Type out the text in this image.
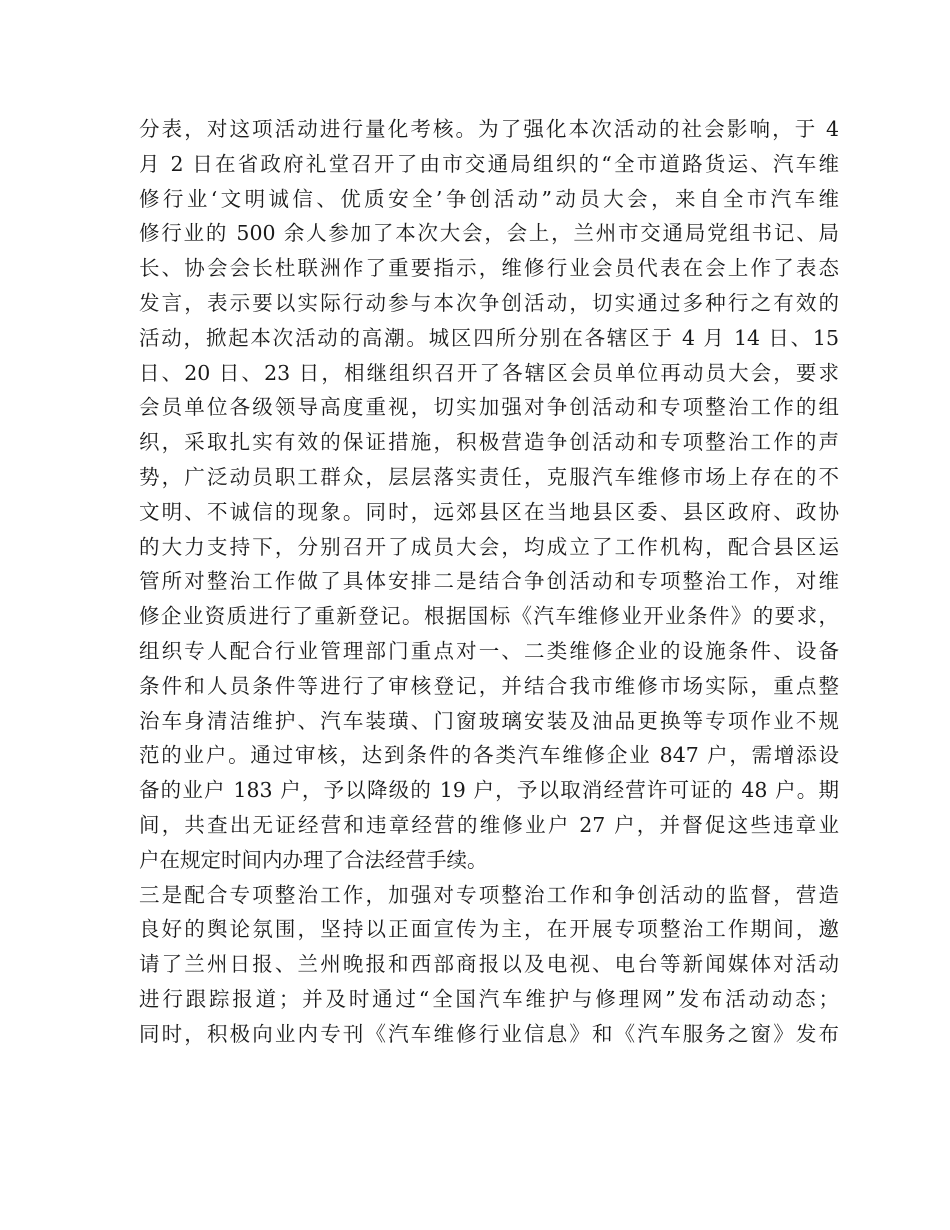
分表，对这项活动进行量化考核。为了强化本次活动的社会影响，于 4
月 2 日在省政府礼堂召开了由市交通局组织的“全市道路货运、汽车维
修行业‘文明诚信、优质安全’争创活动”动员大会，来自全市汽车维
修行业的 500 余人参加了本次大会，会上，兰州市交通局党组书记、局
长、协会会长杜联洲作了重要指示，维修行业会员代表在会上作了表态
发言，表示要以实际行动参与本次争创活动，切实通过多种行之有效的
活动，掀起本次活动的高潮。城区四所分别在各辖区于 4 月 14 日、15
日、20 日、23 日，相继组织召开了各辖区会员单位再动员大会，要求
会员单位各级领导高度重视，切实加强对争创活动和专项整治工作的组
织，采取扎实有效的保证措施，积极营造争创活动和专项整治工作的声
势，广泛动员职工群众，层层落实责任，克服汽车维修市场上存在的不
文明、不诚信的现象。同时，远郊县区在当地县区委、县区政府、政协
的大力支持下，分别召开了成员大会，均成立了工作机构，配合县区运
管所对整治工作做了具体安排二是结合争创活动和专项整治工作，对维
修企业资质进行了重新登记。根据国标《汽车维修业开业条件》的要求，
组织专人配合行业管理部门重点对一、二类维修企业的设施条件、设备
条件和人员条件等进行了审核登记，并结合我市维修市场实际，重点整
治车身清洁维护、汽车装璜、门窗玻璃安装及油品更换等专项作业不规
范的业户。通过审核，达到条件的各类汽车维修企业 847 户，需增添设
备的业户 183 户，予以降级的 19 户，予以取消经营许可证的 48 户。期
间，共查出无证经营和违章经营的维修业户 27 户，并督促这些违章业
户在规定时间内办理了合法经营手续。
三是配合专项整治工作，加强对专项整治工作和争创活动的监督，营造
良好的舆论氛围，坚持以正面宣传为主，在开展专项整治工作期间，邀
请了兰州日报、兰州晚报和西部商报以及电视、电台等新闻媒体对活动
进行跟踪报道；并及时通过“全国汽车维护与修理网”发布活动动态；
同时，积极向业内专刊《汽车维修行业信息》和《汽车服务之窗》发布
